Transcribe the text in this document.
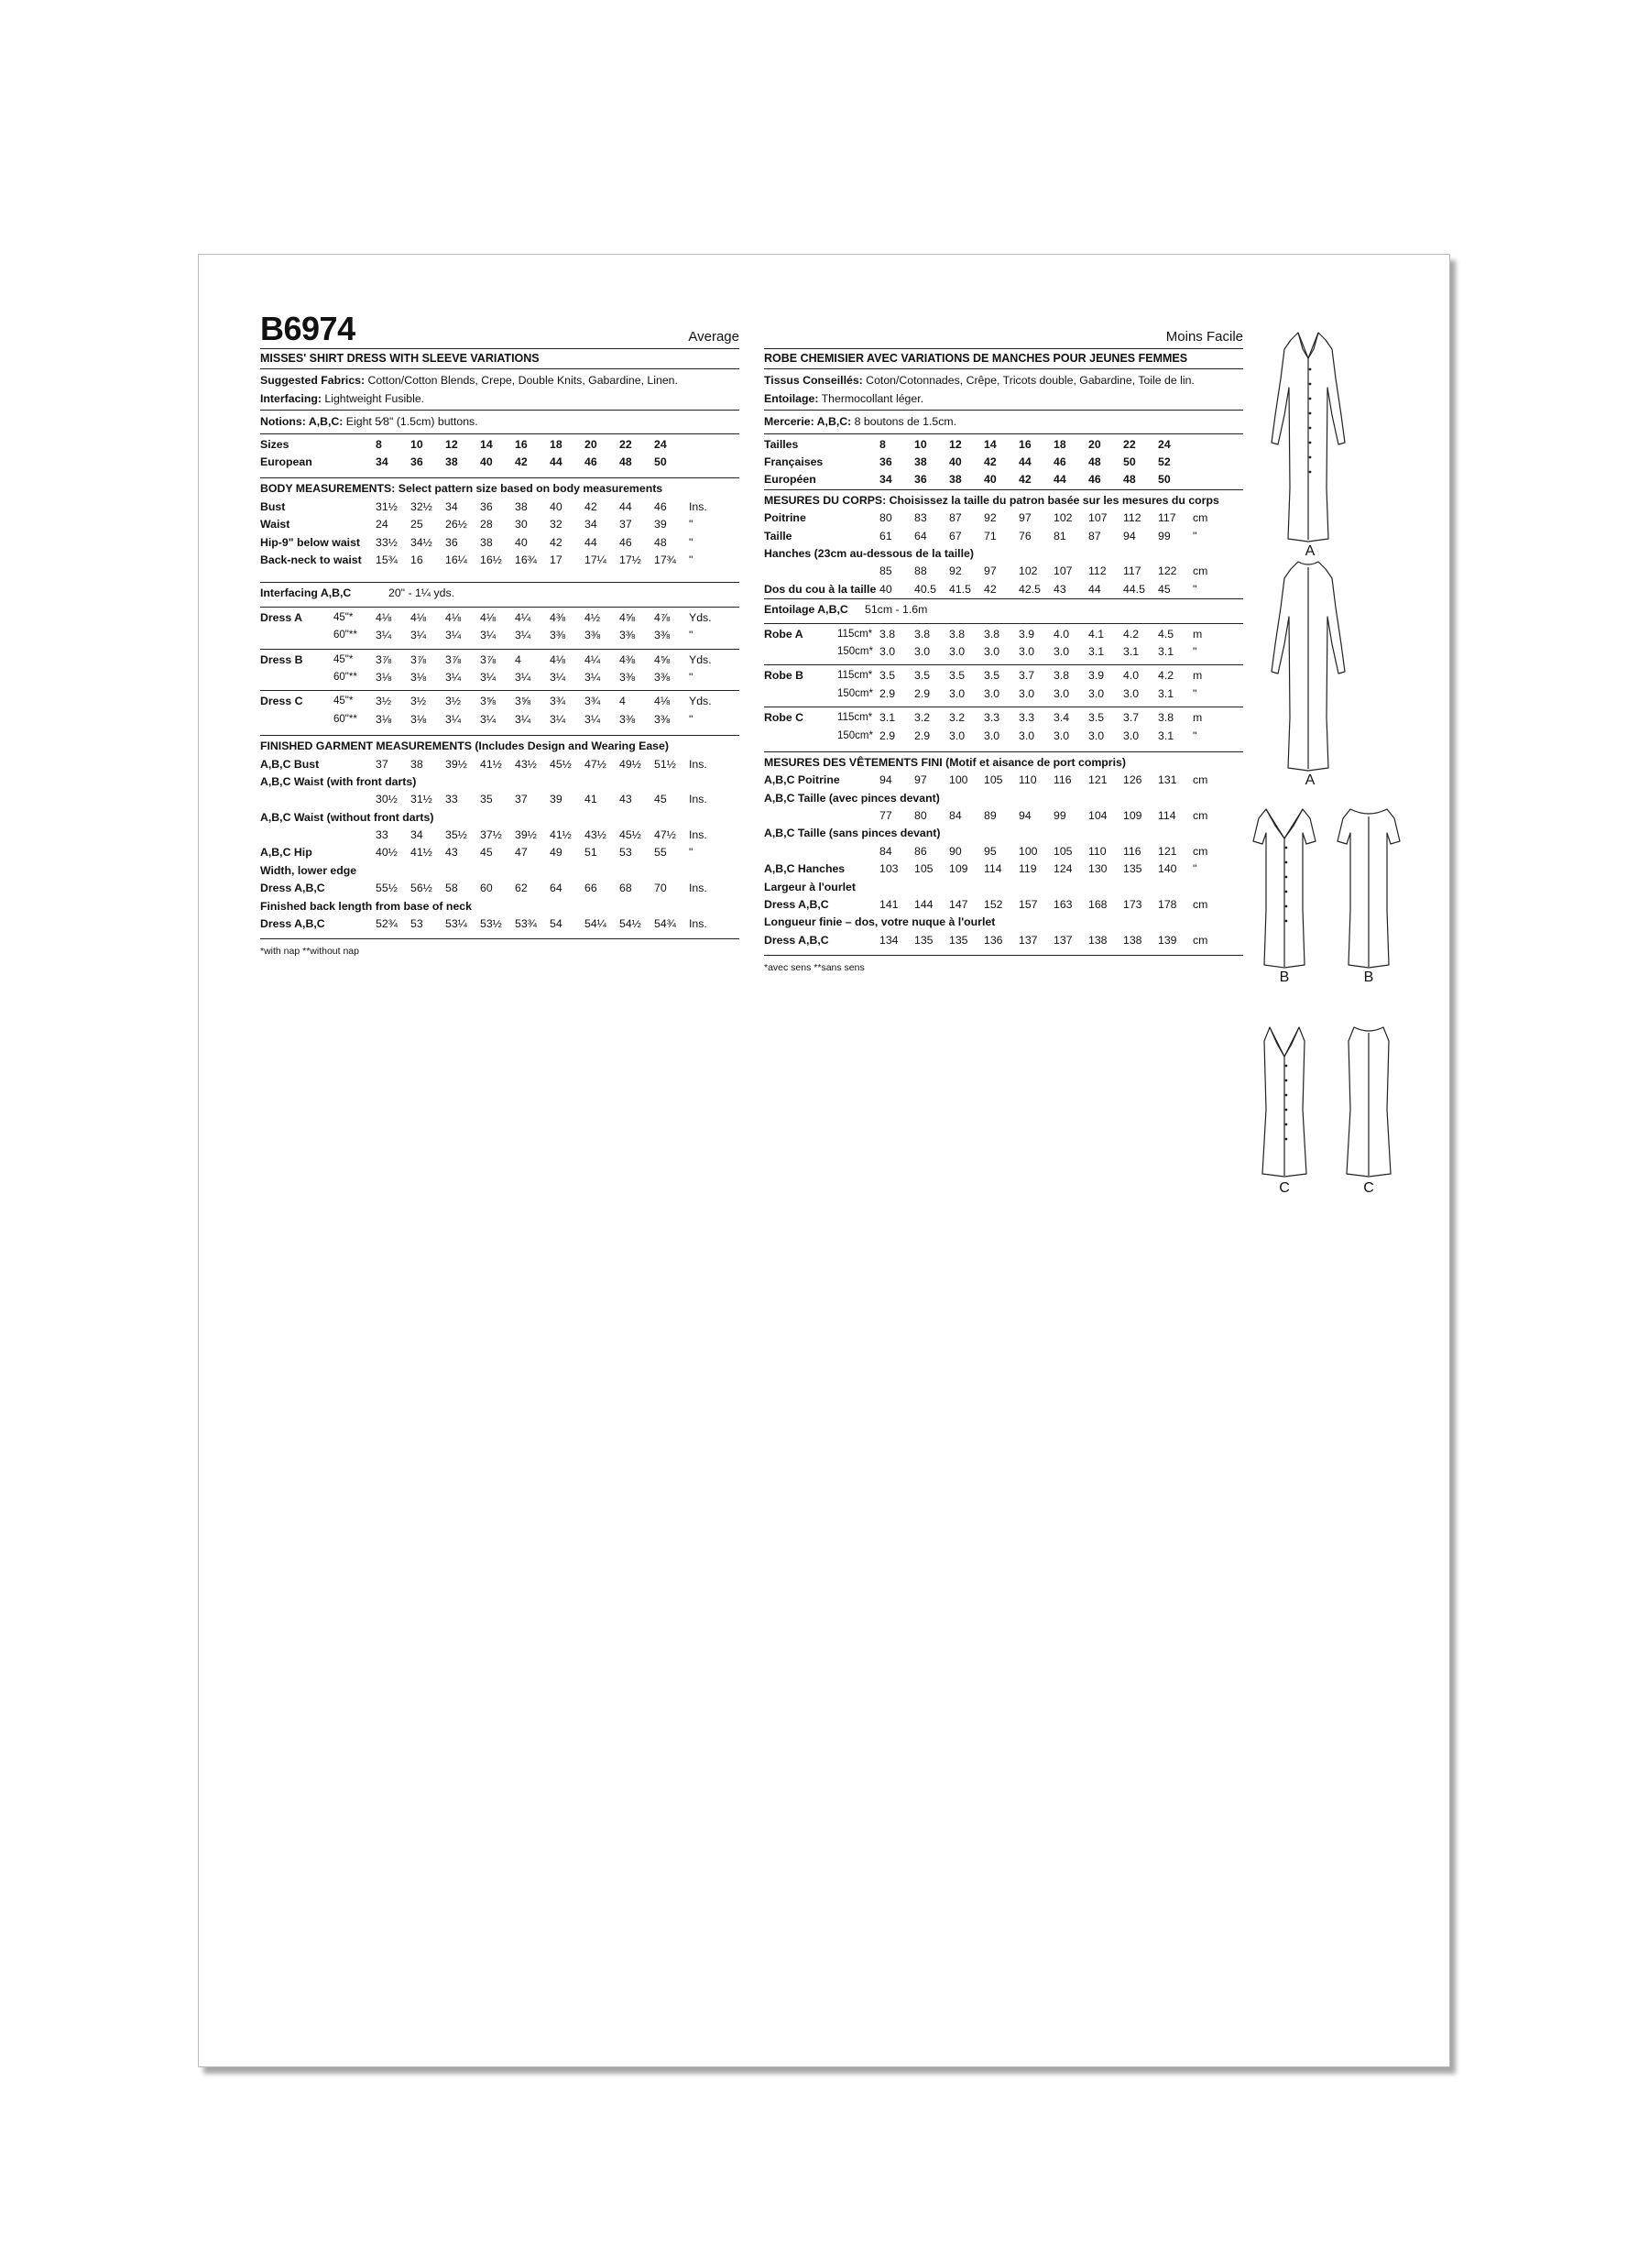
B6974	Average
MISSES' SHIRT DRESS WITH SLEEVE VARIATIONS
Suggested Fabrics: Cotton/Cotton Blends, Crepe, Double Knits, Gabardine, Linen. Interfacing: Lightweight Fusible.
Notions: A,B,C: Eight 5⁄8" (1.5cm) buttons.
Sizes	8	10	12	14	16	18	20	22	24
European	34	36	38	40	42	44	46	48	50
BODY MEASUREMENTS: Select pattern size based on body measurements
Bust	31½	32½	34	36	38	40	42	44	46	Ins.
Waist	24	25	26½	28	30	32	34	37	39	"
Hip-9" below waist	33½	34½	36	38	40	42	44	46	48	"
Back-neck to waist	15¾	16	16¼	16½	16¾	17	17¼	17½	17¾	"
Interfacing A,B,C	20" - 1¼ yds.
Dress A	45"*	4⅛	4⅛	4⅛	4⅛	4¼	4⅜	4½	4⅝	4⅞	Yds.
60"**	3¼	3¼	3¼	3¼	3¼	3⅜	3⅜	3⅜	3⅜	"
Dress B	45"*	3⅞	3⅞	3⅞	3⅞	4	4⅛	4¼	4⅜	4⅝	Yds.
60"**	3⅛	3⅛	3¼	3¼	3¼	3¼	3¼	3⅜	3⅜	"
Dress C	45"*	3½	3½	3½	3⅝	3⅝	3¾	3¾	4	4⅛	Yds.
60"**	3⅛	3⅛	3¼	3¼	3¼	3¼	3¼	3⅜	3⅜	"
FINISHED GARMENT MEASUREMENTS (Includes Design and Wearing Ease)
A,B,C Bust	37	38	39½	41½	43½	45½	47½	49½	51½	Ins.
A,B,C Waist (with front darts)
30½	31½	33	35	37	39	41	43	45	Ins.
A,B,C Waist (without front darts)
33	34	35½	37½	39½	41½	43½	45½	47½	Ins.
A,B,C Hip	40½	41½	43	45	47	49	51	53	55	"
Width, lower edge
Dress A,B,C	55½	56½	58	60	62	64	66	68	70	Ins.
Finished back length from base of neck
Dress A,B,C	52¾	53	53¼	53½	53¾	54	54¼	54½	54¾	Ins.
*with nap **without nap
Moins Facile
ROBE CHEMISIER AVEC VARIATIONS DE MANCHES POUR JEUNES FEMMES
Tissus Conseillés: Coton/Cotonnades, Crêpe, Tricots double, Gabardine, Toile de lin. Entoilage: Thermocollant léger.
Mercerie: A,B,C: 8 boutons de 1.5cm.
Tailles	8	10	12	14	16	18	20	22	24
Françaises	36	38	40	42	44	46	48	50	52
Européen	34	36	38	40	42	44	46	48	50
MESURES DU CORPS: Choisissez la taille du patron basée sur les mesures du corps
Poitrine	80	83	87	92	97	102	107	112	117	cm
Taille	61	64	67	71	76	81	87	94	99	"
Hanches (23cm au-dessous de la taille)
85	88	92	97	102	107	112	117	122	cm
Dos du cou à la taille 40	40.5	41.5	42	42.5	43	44	44.5	45	"
Entoilage A,B,C	51cm - 1.6m
Robe A	115cm* 3.8	3.8	3.8	3.8	3.9	4.0	4.1	4.2	4.5	m
150cm* 3.0	3.0	3.0	3.0	3.0	3.0	3.1	3.1	3.1	"
Robe B	115cm* 3.5	3.5	3.5	3.5	3.7	3.8	3.9	4.0	4.2	m
150cm* 2.9	2.9	3.0	3.0	3.0	3.0	3.0	3.0	3.1	"
Robe C	115cm* 3.1	3.2	3.2	3.3	3.3	3.4	3.5	3.7	3.8	m
150cm* 2.9	2.9	3.0	3.0	3.0	3.0	3.0	3.0	3.1	"
MESURES DES VÊTEMENTS FINI (Motif et aisance de port compris)
A,B,C Poitrine	94	97	100	105	110	116	121	126	131	cm
A,B,C Taille (avec pinces devant)
77	80	84	89	94	99	104	109	114	cm
A,B,C Taille (sans pinces devant)
84	86	90	95	100	105	110	116	121	cm
A,B,C Hanches	103	105	109	114	119	124	130	135	140	"
Largeur à l'ourlet
Dress A,B,C	141	144	147	152	157	163	168	173	178	cm
Longueur finie – dos, votre nuque à l'ourlet
Dress A,B,C	134	135	135	136	137	137	138	138	139	cm
*avec sens **sans sens
A
A
B	B
C	C
